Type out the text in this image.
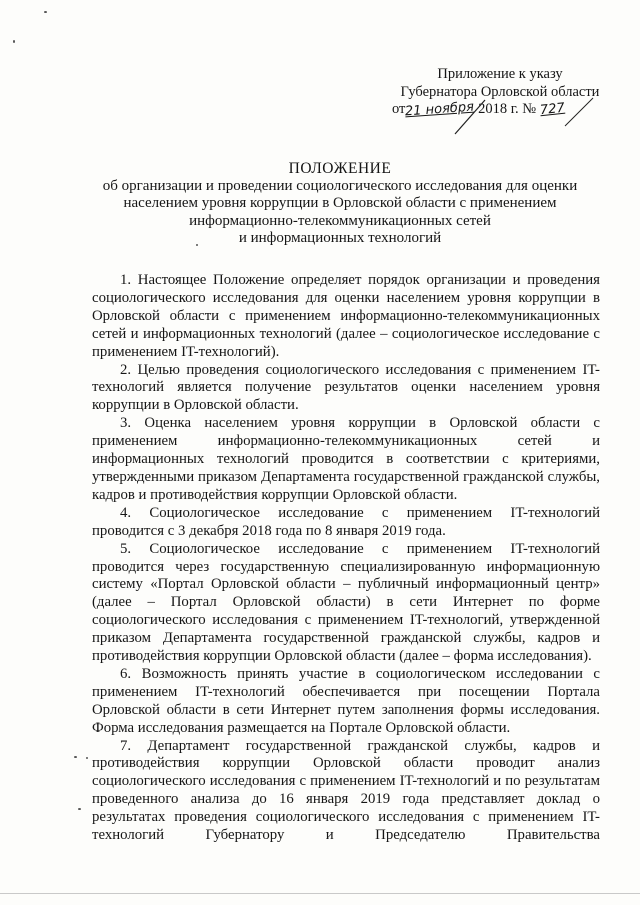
Приложение к указу
Губернатора Орловской области
от21 ноября 2018 г. № 727
ПОЛОЖЕНИЕ
об организации и проведении социологического исследования для оценки
населением уровня коррупции в Орловской области с применением
информационно-телекоммуникационных сетей
и информационных технологий

1. Настоящее Положение определяет порядок организации и проведения социологического исследования для оценки населением уровня коррупции в Орловской области с применением информационно-телекоммуникационных сетей и информационных технологий (далее – социологическое исследование с применением IT-технологий).

2. Целью проведения социологического исследования с применением IT-технологий является получение результатов оценки населением уровня коррупции в Орловской области.

3. Оценка населением уровня коррупции в Орловской области с применением информационно-телекоммуникационных сетей и информационных технологий проводится в соответствии с критериями, утвержденными приказом Департамента государственной гражданской службы, кадров и противодействия коррупции Орловской области.

4. Социологическое исследование с применением IT-технологий проводится с 3 декабря 2018 года по 8 января 2019 года.

5. Социологическое исследование с применением IT-технологий проводится через государственную специализированную информационную систему «Портал Орловской области – публичный информационный центр» (далее – Портал Орловской области) в сети Интернет по форме социологического исследования с применением IT-технологий, утвержденной приказом Департамента государственной гражданской службы, кадров и противодействия коррупции Орловской области (далее – форма исследования).

6. Возможность принять участие в социологическом исследовании с применением IT-технологий обеспечивается при посещении Портала Орловской области в сети Интернет путем заполнения формы исследования. Форма исследования размещается на Портале Орловской области.

7. Департамент государственной гражданской службы, кадров и противодействия коррупции Орловской области проводит анализ социологического исследования с применением IT-технологий и по результатам проведенного анализа до 16 января 2019 года представляет доклад о результатах проведения социологического исследования с применением IT-технологий Губернатору и Председателю Правительства
